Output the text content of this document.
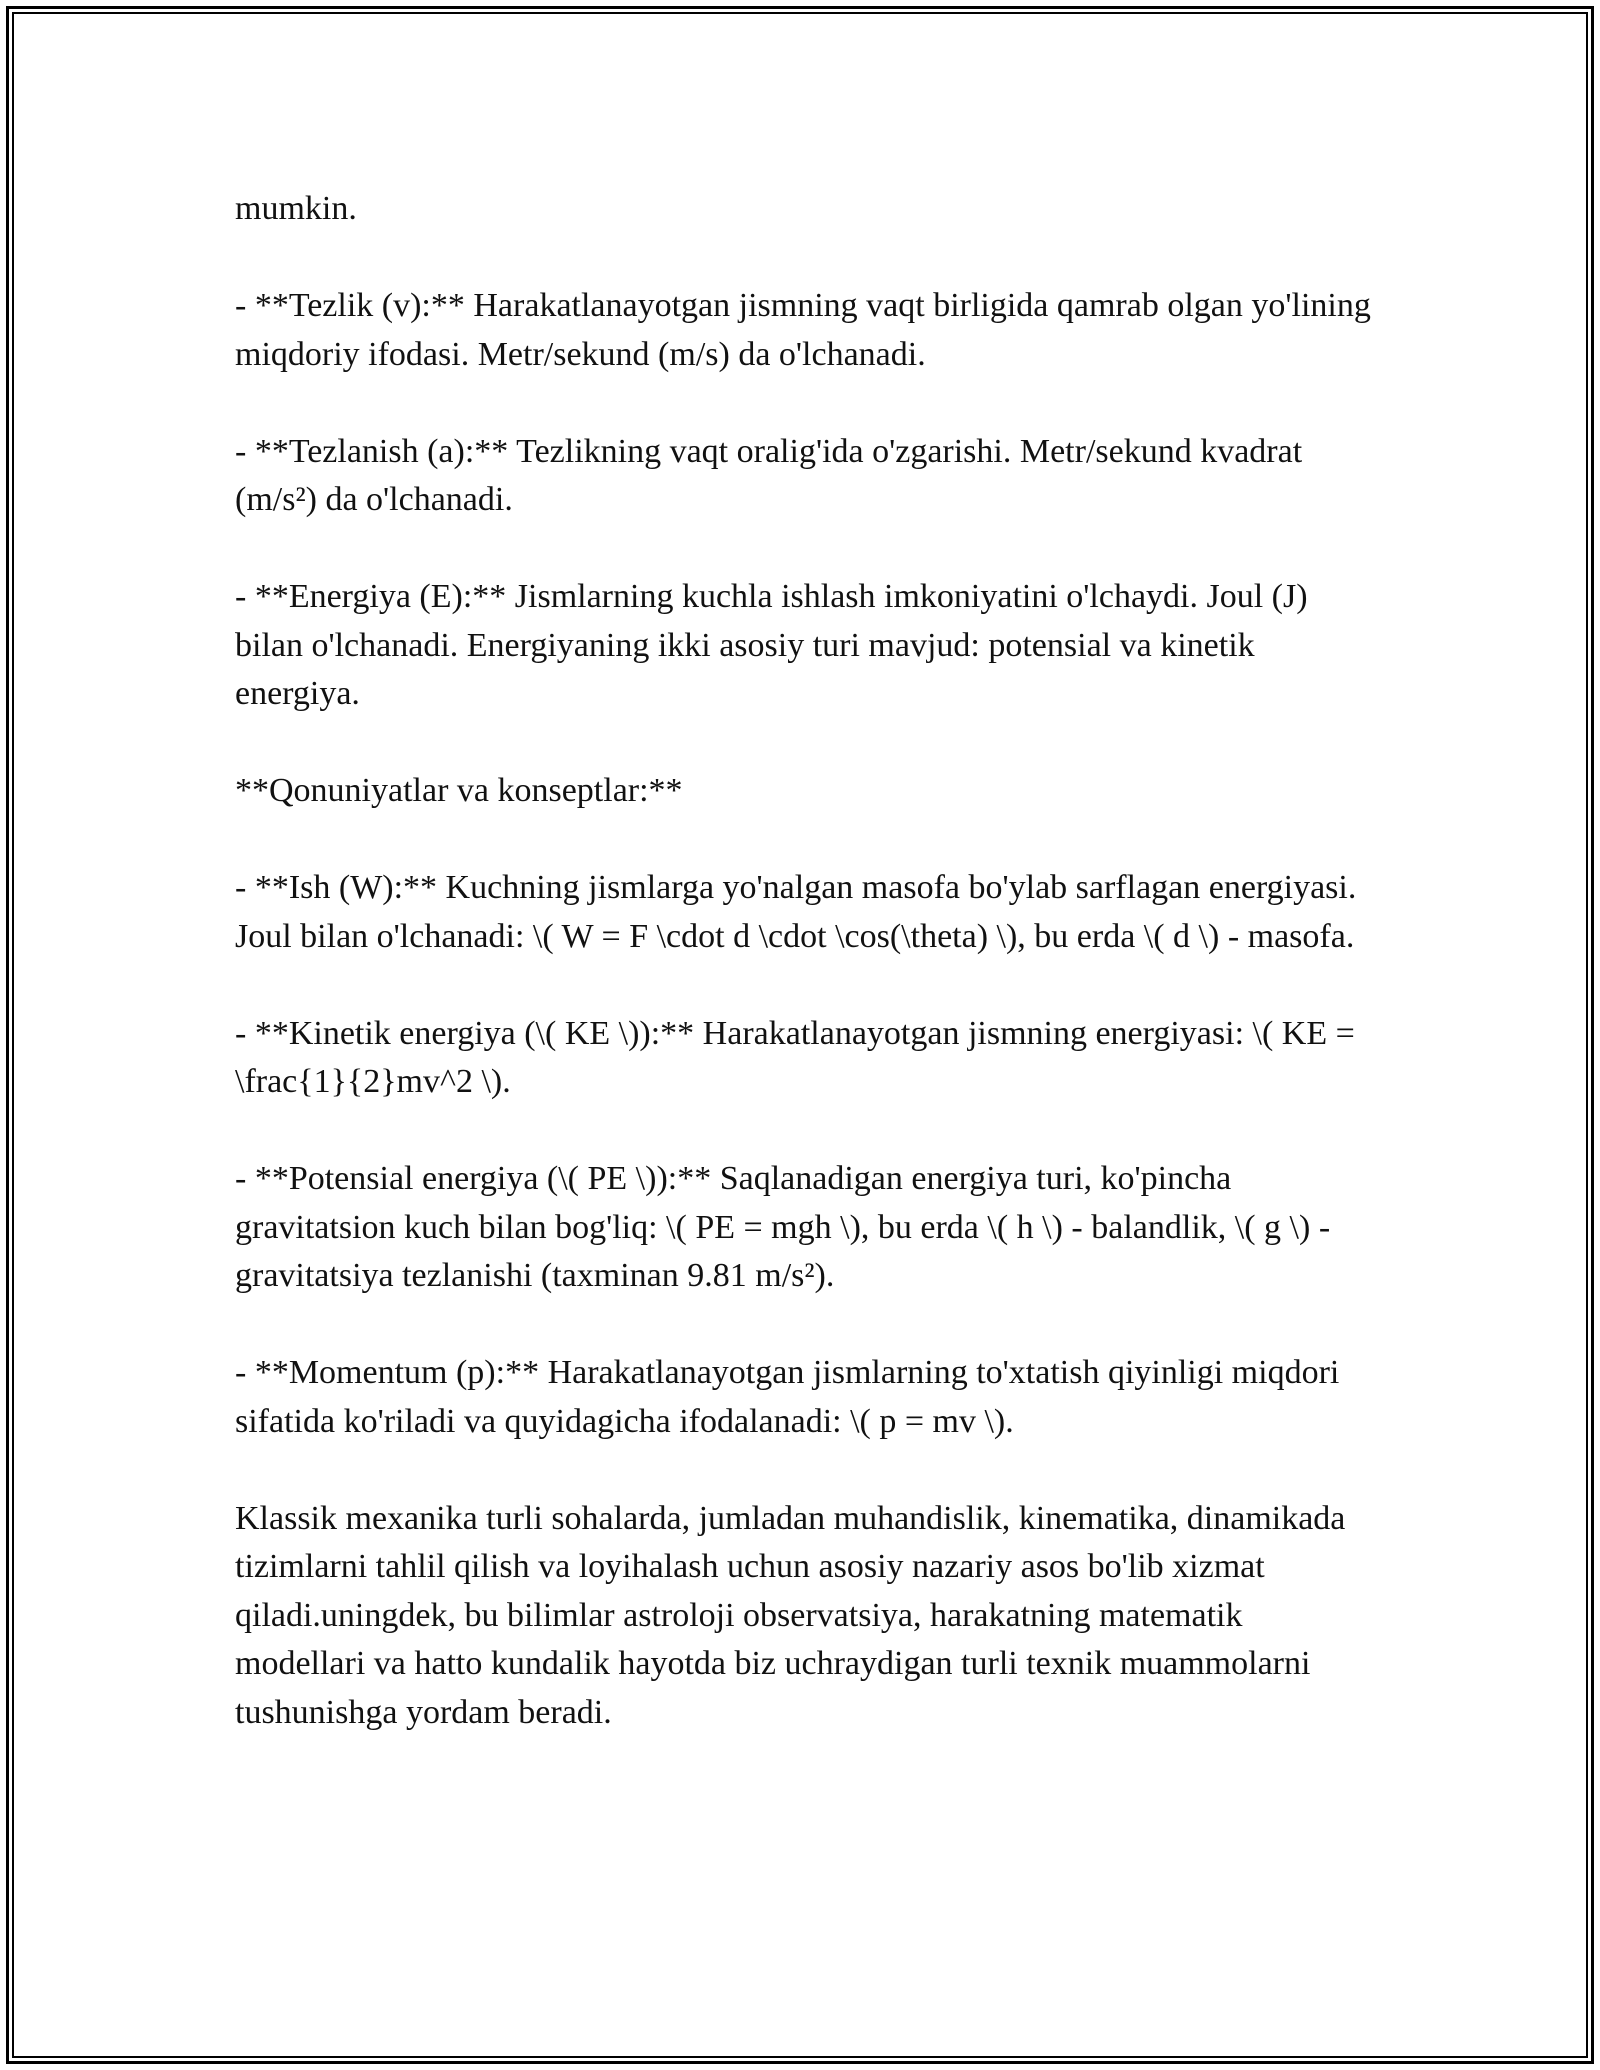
mumkin.

- **Tezlik (v):** Harakatlanayotgan jismning vaqt birligida qamrab olgan yo'lining miqdoriy ifodasi. Metr/sekund (m/s) da o'lchanadi.

- **Tezlanish (a):** Tezlikning vaqt oralig'ida o'zgarishi. Metr/sekund kvadrat (m/s²) da o'lchanadi.

- **Energiya (E):** Jismlarning kuchla ishlash imkoniyatini o'lchaydi. Joul (J) bilan o'lchanadi. Energiyaning ikki asosiy turi mavjud: potensial va kinetik energiya.

**Qonuniyatlar va konseptlar:**

- **Ish (W):** Kuchning jismlarga yo'nalgan masofa bo'ylab sarflagan energiyasi. Joul bilan o'lchanadi: \( W = F \cdot d \cdot \cos(\theta) \), bu erda \( d \) - masofa.

- **Kinetik energiya (\( KE \)):** Harakatlanayotgan jismning energiyasi: \( KE = \frac{1}{2}mv^2 \).

- **Potensial energiya (\( PE \)):** Saqlanadigan energiya turi, ko'pincha gravitatsion kuch bilan bog'liq: \( PE = mgh \), bu erda \( h \) - balandlik, \( g \) - gravitatsiya tezlanishi (taxminan 9.81 m/s²).

- **Momentum (p):** Harakatlanayotgan jismlarning to'xtatish qiyinligi miqdori sifatida ko'riladi va quyidagicha ifodalanadi: \( p = mv \).

Klassik mexanika turli sohalarda, jumladan muhandislik, kinematika, dinamikada tizimlarni tahlil qilish va loyihalash uchun asosiy nazariy asos bo'lib xizmat qiladi.uningdek, bu bilimlar astroloji observatsiya, harakatning matematik modellari va hatto kundalik hayotda biz uchraydigan turli texnik muammolarni tushunishga yordam beradi.
